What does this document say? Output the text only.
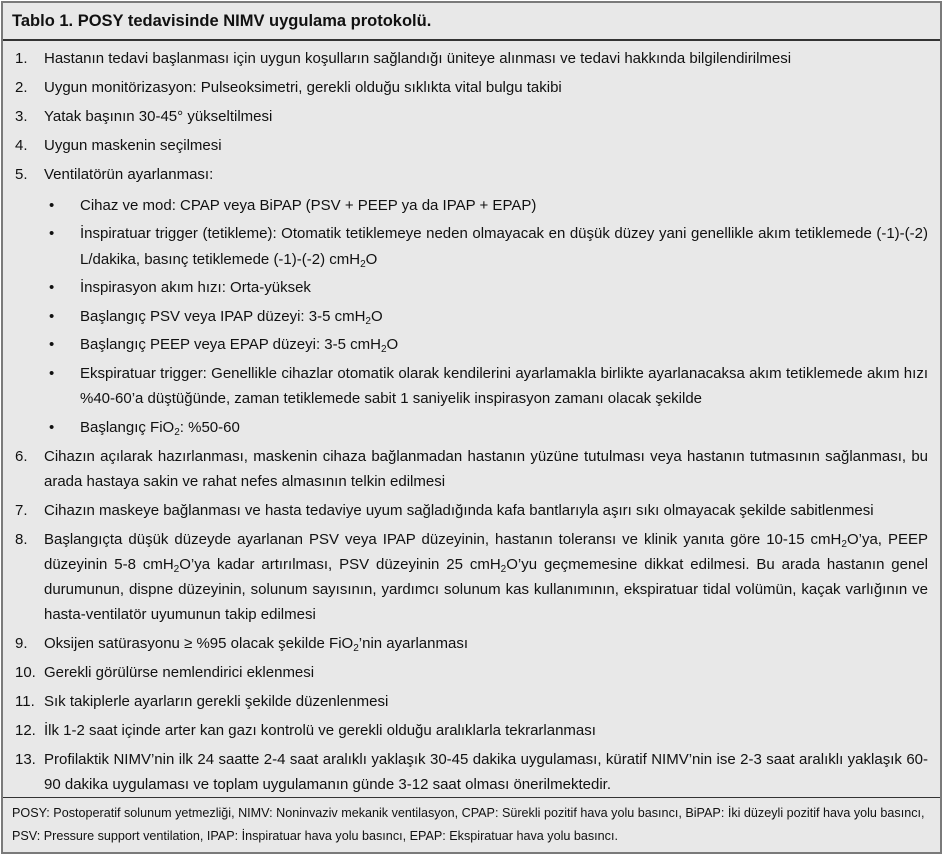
Tablo 1. POSY tedavisinde NIMV uygulama protokolü.
1.	Hastanın tedavi başlanması için uygun koşulların sağlandığı üniteye alınması ve tedavi hakkında bilgilendirilmesi
2.	Uygun monitörizasyon: Pulseoksimetri, gerekli olduğu sıklıkta vital bulgu takibi
3.	Yatak başının 30-45° yükseltilmesi
4.	Uygun maskenin seçilmesi
5.	Ventilatörün ayarlanması:
•	Cihaz ve mod: CPAP veya BiPAP (PSV + PEEP ya da IPAP + EPAP)
•	İnspiratuar trigger (tetikleme): Otomatik tetiklemeye neden olmayacak en düşük düzey yani genellikle akım tetiklemede (-1)-(-2) L/dakika, basınç tetiklemede (-1)-(-2) cmH$_2$O
•	İnspirasyon akım hızı: Orta-yüksek
•	Başlangıç PSV veya IPAP düzeyi: 3-5 cmH$_2$O
•	Başlangıç PEEP veya EPAP düzeyi: 3-5 cmH$_2$O
•	Ekspiratuar trigger: Genellikle cihazlar otomatik olarak kendilerini ayarlamakla birlikte ayarlanacaksa akım tetiklemede akım hızı %40-60’a düştüğünde, zaman tetiklemede sabit 1 saniyelik inspirasyon zamanı olacak şekilde
•	Başlangıç FiO$_2$: %50-60
6.	Cihazın açılarak hazırlanması, maskenin cihaza bağlanmadan hastanın yüzüne tutulması veya hastanın tutmasının sağlanması, bu arada hastaya sakin ve rahat nefes almasının telkin edilmesi
7.	Cihazın maskeye bağlanması ve hasta tedaviye uyum sağladığında kafa bantlarıyla aşırı sıkı olmayacak şekilde sabitlenmesi
8.	Başlangıçta düşük düzeyde ayarlanan PSV veya IPAP düzeyinin, hastanın toleransı ve klinik yanıta göre 10-15 cmH$_2$O’ya, PEEP düzeyinin 5-8 cmH$_2$O’ya kadar artırılması, PSV düzeyinin 25 cmH$_2$O’yu geçmemesine dikkat edilmesi. Bu arada hastanın genel durumunun, dispne düzeyinin, solunum sayısının, yardımcı solunum kas kullanımının, ekspiratuar tidal volümün, kaçak varlığının ve hasta-ventilatör uyumunun takip edilmesi
9.	Oksijen satürasyonu ≥ %95 olacak şekilde FiO$_2$’nin ayarlanması
10. Gerekli görülürse nemlendirici eklenmesi
11. Sık takiplerle ayarların gerekli şekilde düzenlenmesi
12. İlk 1-2 saat içinde arter kan gazı kontrolü ve gerekli olduğu aralıklarla tekrarlanması
13. Profilaktik NIMV’nin ilk 24 saatte 2-4 saat aralıklı yaklaşık 30-45 dakika uygulaması, küratif NIMV’nin ise 2-3 saat aralıklı yaklaşık 60-90 dakika uygulaması ve toplam uygulamanın günde 3-12 saat olması önerilmektedir.
POSY: Postoperatif solunum yetmezliği, NIMV: Noninvaziv mekanik ventilasyon, CPAP: Sürekli pozitif hava yolu basıncı, BiPAP: İki düzeyli pozitif hava yolu basıncı, PSV: Pressure support ventilation, IPAP: İnspiratuar hava yolu basıncı, EPAP: Ekspiratuar hava yolu basıncı.
